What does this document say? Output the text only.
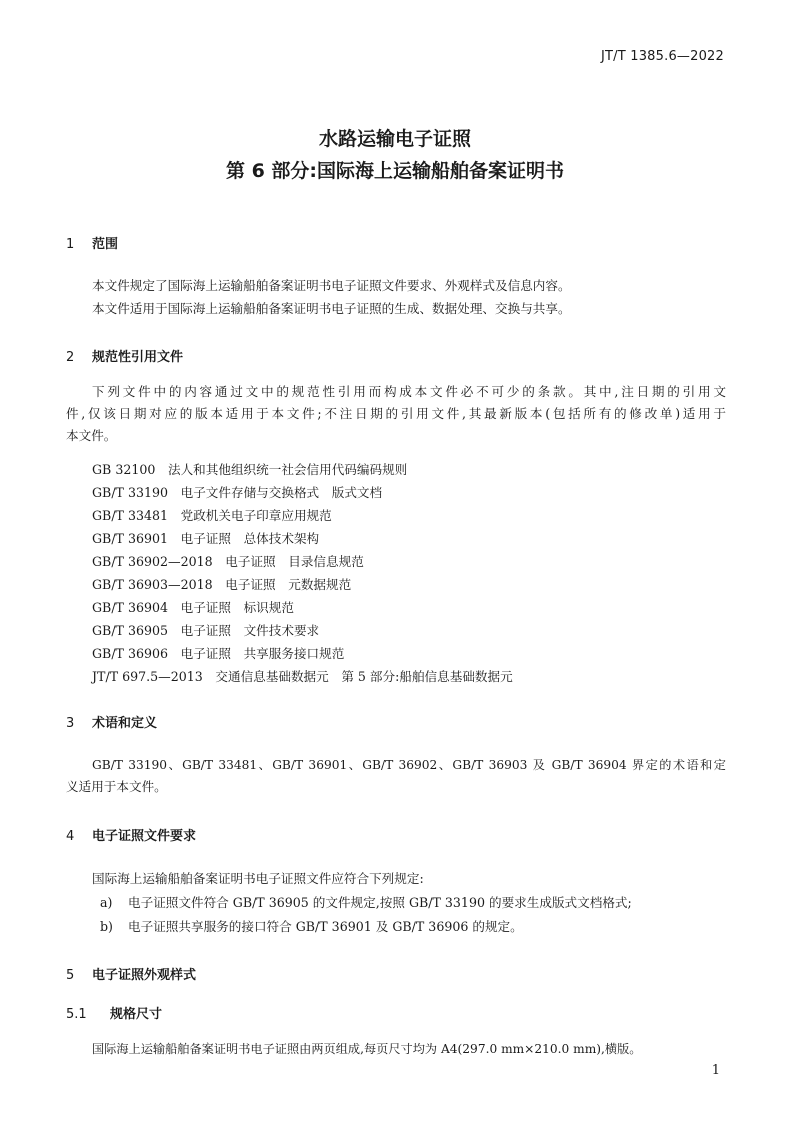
JT/T 1385.6—2022
水路运输电子证照
第 6 部分:国际海上运输船舶备案证明书
1 范围
本文件规定了国际海上运输船舶备案证明书电子证照文件要求、外观样式及信息内容。
本文件适用于国际海上运输船舶备案证明书电子证照的生成、数据处理、交换与共享。
2 规范性引用文件
下列文件中的内容通过文中的规范性引用而构成本文件必不可少的条款。其中,注日期的引用文
件,仅该日期对应的版本适用于本文件;不注日期的引用文件,其最新版本(包括所有的修改单)适用于
本文件。
GB 32100　法人和其他组织统一社会信用代码编码规则
GB/T 33190　电子文件存储与交换格式　版式文档
GB/T 33481　党政机关电子印章应用规范
GB/T 36901　电子证照　总体技术架构
GB/T 36902—2018　电子证照　目录信息规范
GB/T 36903—2018　电子证照　元数据规范
GB/T 36904　电子证照　标识规范
GB/T 36905　电子证照　文件技术要求
GB/T 36906　电子证照　共享服务接口规范
JT/T 697.5—2013　交通信息基础数据元　第 5 部分:船舶信息基础数据元
3 术语和定义
GB/T 33190、GB/T 33481、GB/T 36901、GB/T 36902、GB/T 36903 及 GB/T 36904 界定的术语和定
义适用于本文件。
4 电子证照文件要求
国际海上运输船舶备案证明书电子证照文件应符合下列规定:
a) 电子证照文件符合 GB/T 36905 的文件规定,按照 GB/T 33190 的要求生成版式文档格式;
b) 电子证照共享服务的接口符合 GB/T 36901 及 GB/T 36906 的规定。
5 电子证照外观样式
5.1 规格尺寸
国际海上运输船舶备案证明书电子证照由两页组成,每页尺寸均为 A4(297.0 mm×210.0 mm),横版。
1
